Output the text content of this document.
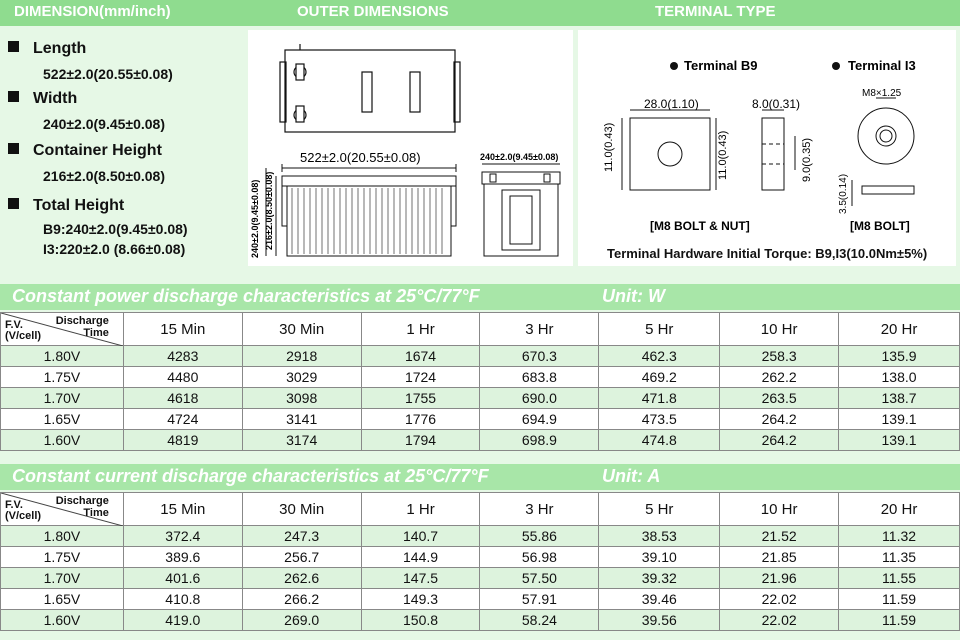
DIMENSION(mm/inch)	OUTER DIMENSIONS	TERMINAL TYPE
Length
522±2.0(20.55±0.08)
Width
240±2.0(9.45±0.08)
Container Height
216±2.0(8.50±0.08)
Total Height
B9:240±2.0(9.45±0.08)
I3:220±2.0 (8.66±0.08)
522±2.0(20.55±0.08)
240±2.0(9.45±0.08) 216±2.0(8.50±0.08)
240±2.0(9.45±0.08)
Terminal B9
28.0(1.10)
11.0(0.43)	11.0(0.43)
8.0(0.31)
9.0(0.35)
[M8 BOLT & NUT]
Terminal I3
M8×1.25
3.5(0.14)
[M8 BOLT]
Terminal Hardware Initial Torque: B9,I3(10.0Nm±5%)
Constant power discharge characteristics at 25°C/77°F	Unit: W
Discharge
Time
F.V.
(V/cell)	15 Min	30 Min	1 Hr	3 Hr	5 Hr	10 Hr	20 Hr
1.80V	4283	2918	1674	670.3	462.3	258.3	135.9
1.75V	4480	3029	1724	683.8	469.2	262.2	138.0
1.70V	4618	3098	1755	690.0	471.8	263.5	138.7
1.65V	4724	3141	1776	694.9	473.5	264.2	139.1
1.60V	4819	3174	1794	698.9	474.8	264.2	139.1
Constant current discharge characteristics at 25°C/77°F	Unit: A
Discharge
Time
F.V.
(V/cell)	15 Min	30 Min	1 Hr	3 Hr	5 Hr	10 Hr	20 Hr
1.80V	372.4	247.3	140.7	55.86	38.53	21.52	11.32
1.75V	389.6	256.7	144.9	56.98	39.10	21.85	11.35
1.70V	401.6	262.6	147.5	57.50	39.32	21.96	11.55
1.65V	410.8	266.2	149.3	57.91	39.46	22.02	11.59
1.60V	419.0	269.0	150.8	58.24	39.56	22.02	11.59
